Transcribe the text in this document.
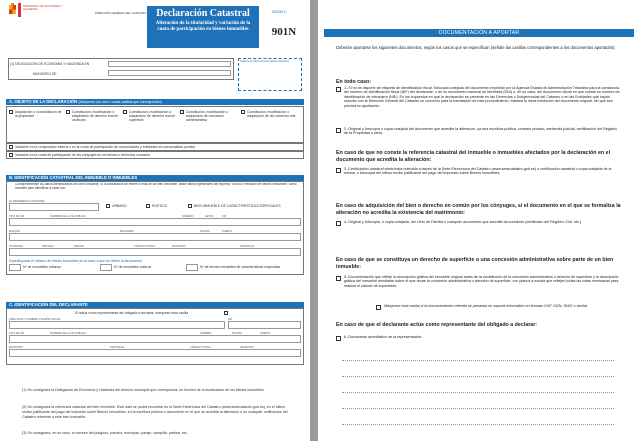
MINISTERIO DE ECONOMÍA Y HACIENDA
DIRECCIÓN GENERAL DEL CATASTRO Declaración Catastral
Alteración de la titularidad y variación de la cuota de participación en bienes inmuebles
MODELO
901N
(1) DELEGACIÓN DE ECONOMÍA Y HACIENDA EN
MUNICIPIO DE
Sello de la Oficina Presentadora / Registro
A. OBJETO DE LA DECLARACIÓN (Márquese con una o varias casillas que correspondan)
Adquisición o consolidación de la propiedad
Constitución, modificación o adquisición de derecho real de usufructo
Constitución, modificación o adquisición de derecho real de superficie
Constitución, modificación o adquisición de concesión administrativa
Constitución, modificación o adquisición de otro derecho real
Variación en la composición interna o en la cuota de participación de comunidades y entidades sin personalidad jurídica
Variación en la cuota de participación de los cónyuges en los bienes o derechos comunes
B. IDENTIFICACIÓN CATASTRAL DEL INMUEBLE O INMUEBLES
Cumpliméntense los datos identificativos del bien inmueble. Si la declaración se refiere a más de un bien inmueble, utilice tantos ejemplares del impreso "ANEXO Relación de bienes inmuebles" como necesite para identificar a cada uno.
(2) REFERENCIA CATASTRAL
URBANO	RÚSTICO	BIEN INMUEBLE DE CARACTERÍSTICAS ESPECIALES
TIPO DE VÍA	NOMBRE DE LA VÍA PÚBLICA	NÚMERO	LETRA	KM
BLOQUE	ESCALERA	PLANTA	PUERTA
POLÍGONO	PARCELA	PARAJE	CÓDIGO POSTAL	MUNICIPIO	PROVINCIA
Especifíquese el número de bienes inmuebles de la clase a que se refiere la declaración
Nº de inmuebles urbanos	Nº de inmuebles rústicos	Nº de bienes inmuebles de características especiales
C. IDENTIFICACIÓN DEL DECLARANTE
Si actúa como representante del obligado a declarar, márquese esta casilla
APELLIDOS Y NOMBRE O RAZÓN SOCIAL	NIF
TIPO DE VÍA	NOMBRE DE LA VÍA PÚBLICA	NÚMERO	PLANTA	PUERTA
MUNICIPIO	PROVINCIA	CÓDIGO POSTAL	TELÉFONO
(1) Se consignará la Delegación de Economía y Hacienda del término municipal que corresponda, en función de la localización de los bienes inmuebles.
(2) Se consignará la referencia catastral del bien inmueble. Este dato se podrá encontrar en la Sede Electrónica del Catastro (www.sedecatastro.gob.es), en el último recibo justificante del pago del Impuesto sobre Bienes Inmuebles, en la escritura pública o documento en el que se acredita la alteración o en cualquier notificación del Catastro referente a este bien inmueble.
(3) Se consignará, en su caso, el nombre del polígono, parcela, municipio, paraje, campiña, partida, etc.
DOCUMENTACIÓN A APORTAR
Deberán aportarse los siguientes documentos, según los casos que se especifican (señale las casillas correspondientes a los documentos aportados):
En todo caso:
1.-Si no se dispone de etiqueta de identificación fiscal, fotocopia cotejada del documento expedido por la Agencia Estatal de Administración Tributaria para la constancia del número de identificación fiscal (NIF) del declarante, o de su documento nacional de identidad (DNI) o, en su caso, del documento oficial en que conste su número de identificación de extranjero (NIE). En los supuestos en que la declaración se presente en las Gerencias o Subgerencias del Catastro o en las Entidades que hayan suscrito con la Dirección General del Catastro un convenio para la tramitación de este procedimiento, bastará la mera exhibición del documento original, sin que sea precisa su aportación.
2.-Original y fotocopia o copia cotejada del documento que acredite la alteración, ya sea escritura pública, contrato privado, sentencia judicial, certificación del Registro de la Propiedad u otros.
En caso de que no conste la referencia catastral del inmueble o inmuebles afectados por la declaración en el documento que acredita la alteración:
3.-Certificación catastral electrónica obtenida a través de la Sede Electrónica del Catastro (www.sedecatastro.gob.es) o certificación catastral o copia cotejada de la misma, o fotocopia del último recibo justificante del pago del Impuesto sobre Bienes Inmuebles.
En caso de adquisición del bien o derecho en común por los cónyuges, si el documento en el que se formaliza la alteración no acredita la existencia del matrimonio:
4.-Original y fotocopia, o copia cotejada, del Libro de Familia o cualquier documento que acredite tal condición (certificado del Registro Civil, etc.).
En caso de que se constituya un derecho de superficie o una concesión administrativa sobre parte de un bien inmueble:
5.-Documentación que refleje la descripción gráfica del inmueble original antes de la constitución de la concesión administrativa o derecho de superficie y la descripción gráfica del inmueble resultante sobre el que recae la concesión administrativa o derecho de superficie, con planos a escala que reflejen todas las cotas necesarias para realizar el cálculo de superficies.
Márquese esta casilla si la documentación referida se presenta en soporte informático en formato DXF, DGN, DWG o similar.
En caso de que el declarante actúe como representante del obligado a declarar:
6.-Documento acreditativo de la representación.
